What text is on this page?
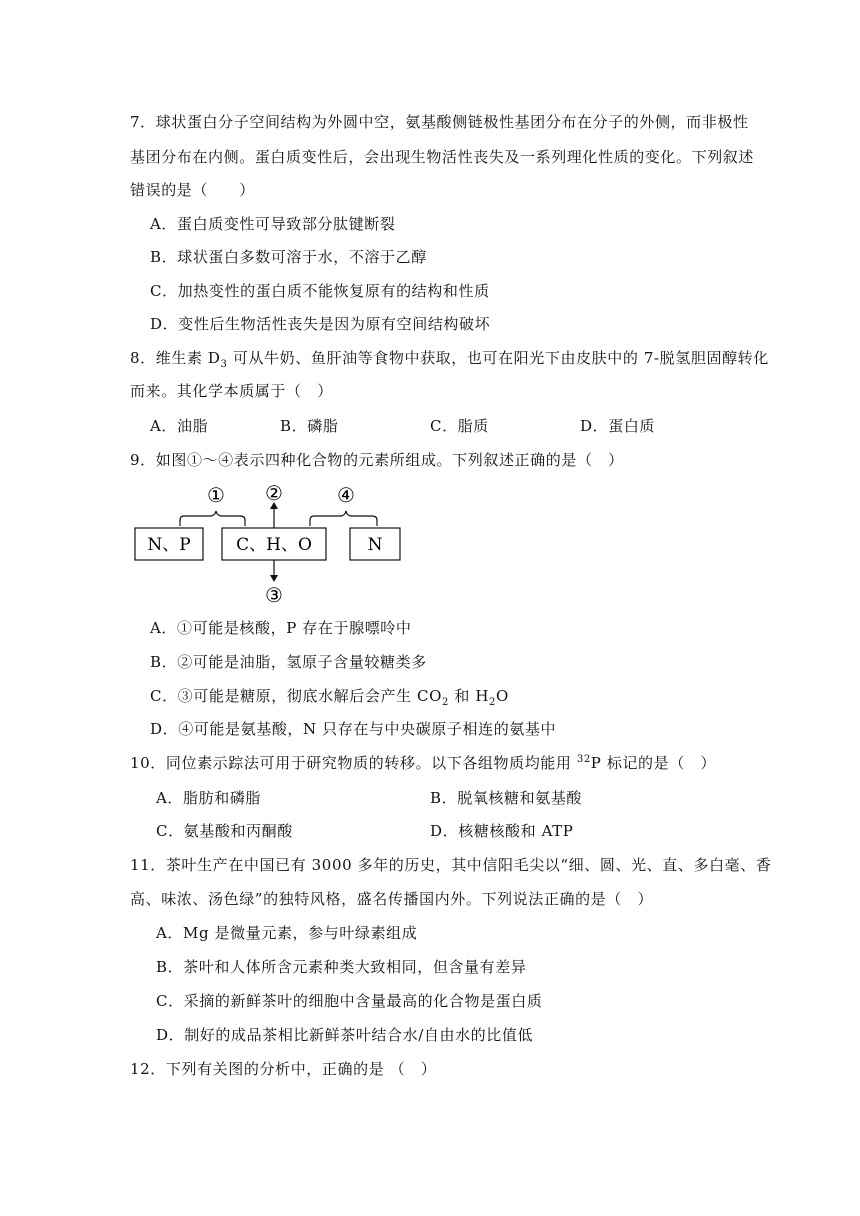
7．球状蛋白分子空间结构为外圆中空，氨基酸侧链极性基团分布在分子的外侧，而非极性
基团分布在内侧。蛋白质变性后，会出现生物活性丧失及一系列理化性质的变化。下列叙述
错误的是（　　）
A．蛋白质变性可导致部分肽键断裂
B．球状蛋白多数可溶于水，不溶于乙醇
C．加热变性的蛋白质不能恢复原有的结构和性质
D．变性后生物活性丧失是因为原有空间结构破坏
8．维生素 $D_3$ 可从牛奶、鱼肝油等食物中获取，也可在阳光下由皮肤中的 7-脱氢胆固醇转化
而来。其化学本质属于（　）
A．油脂	B．磷脂	C．脂质	D．蛋白质
9．如图①～④表示四种化合物的元素所组成。下列叙述正确的是（　）
N、P	C、H、O	N
①	④
②
③
A．①可能是核酸，P 存在于腺嘌呤中
B．②可能是油脂，氢原子含量较糖类多
C．③可能是糖原，彻底水解后会产生 $CO_2$ 和 $H_2O$
D．④可能是氨基酸，N 只存在与中央碳原子相连的氨基中
10．同位素示踪法可用于研究物质的转移。以下各组物质均能用 $^{32}$P 标记的是（　）
A．脂肪和磷脂	B．脱氧核糖和氨基酸
C．氨基酸和丙酮酸	D．核糖核酸和 ATP
11．茶叶生产在中国已有 3000 多年的历史，其中信阳毛尖以“细、圆、光、直、多白毫、香
高、味浓、汤色绿”的独特风格，盛名传播国内外。下列说法正确的是（　）
A．Mg 是微量元素，参与叶绿素组成
B．茶叶和人体所含元素种类大致相同，但含量有差异
C．采摘的新鲜茶叶的细胞中含量最高的化合物是蛋白质
D．制好的成品茶相比新鲜茶叶结合水/自由水的比值低
12．下列有关图的分析中，正确的是 （　）
